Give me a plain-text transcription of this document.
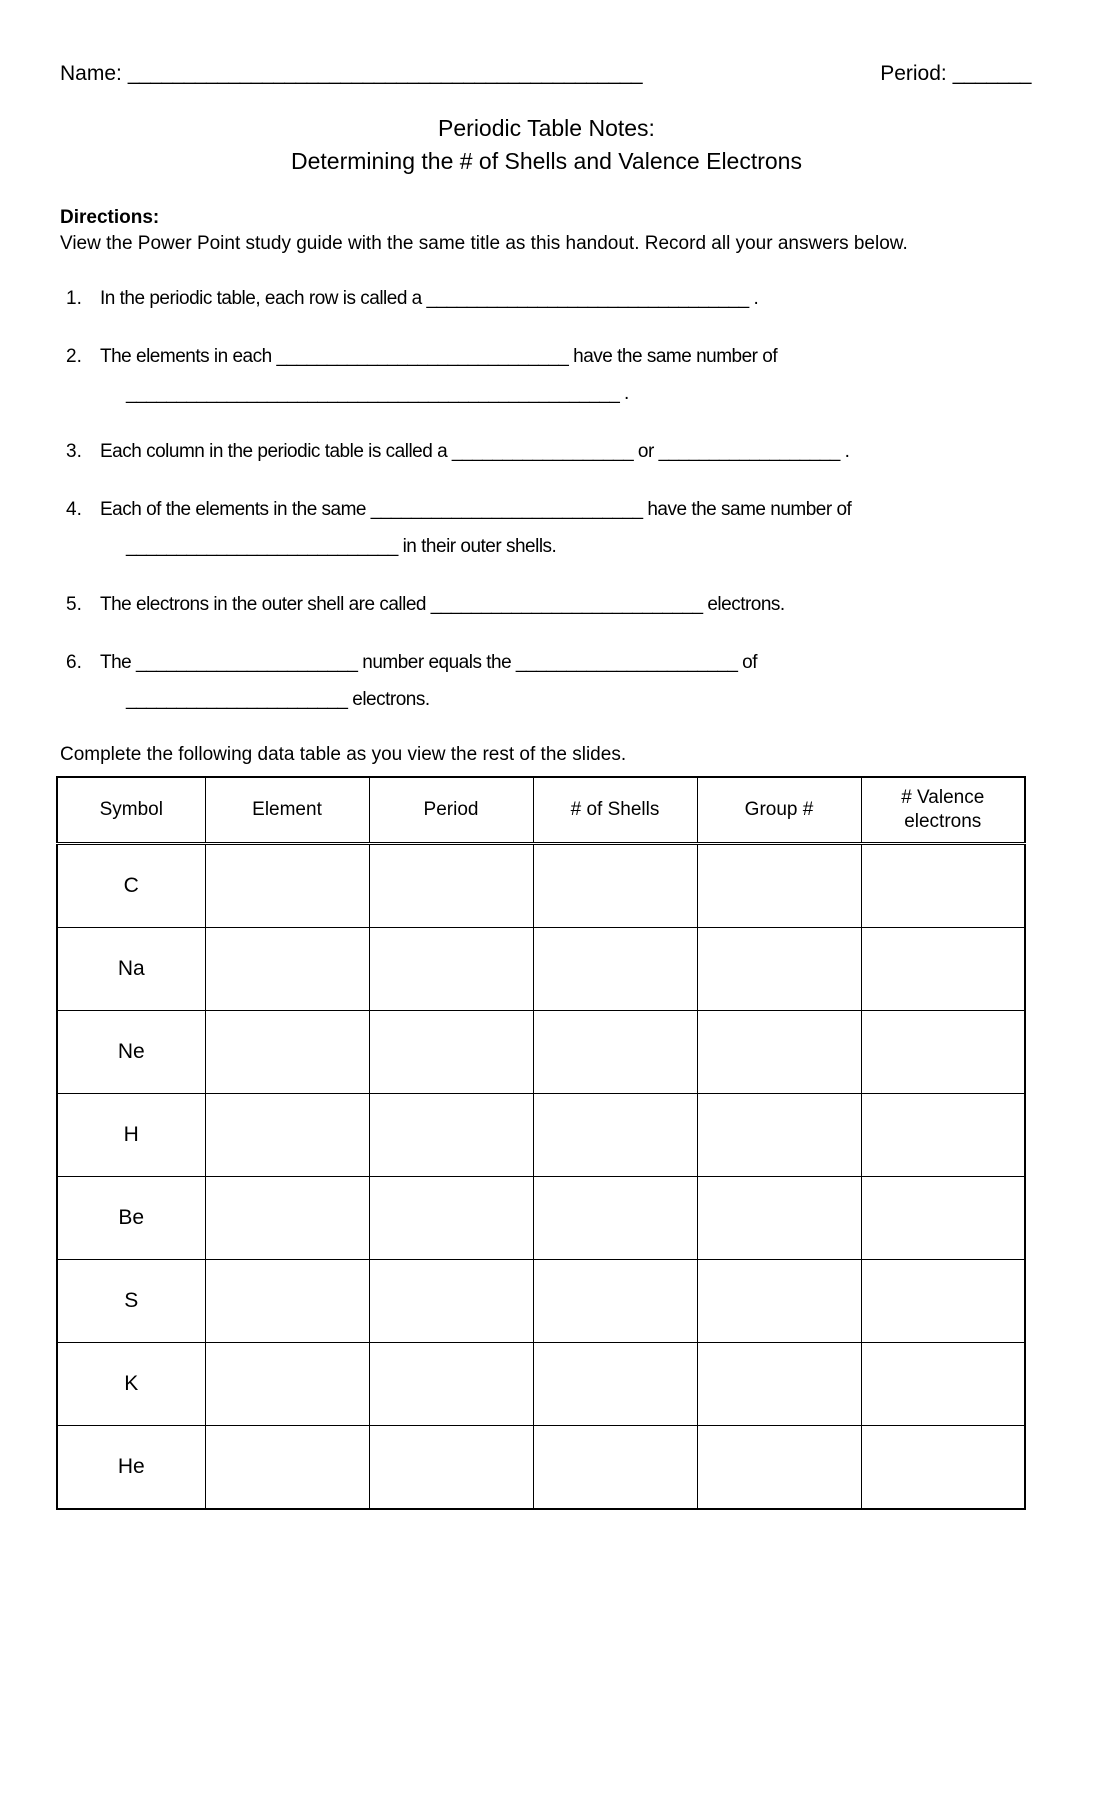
Name: ______________________________________________	Period: _______
Periodic Table Notes:
Determining the # of Shells and Valence Electrons
Directions:
View the Power Point study guide with the same title as this handout. Record all your answers below.
1. In the periodic table, each row is called a ________________________________ .
2. The elements in each _____________________________ have the same number of
_________________________________________________ .
3. Each column in the periodic table is called a __________________ or __________________ .
4. Each of the elements in the same ___________________________ have the same number of
___________________________ in their outer shells.
5. The electrons in the outer shell are called ___________________________ electrons.
6. The ______________________ number equals the ______________________ of
______________________ electrons.
Complete the following data table as you view the rest of the slides.
Symbol	Element	Period	# of Shells	Group #	# Valence electrons
C					
Na					
Ne					
H					
Be					
S					
K					
He					
